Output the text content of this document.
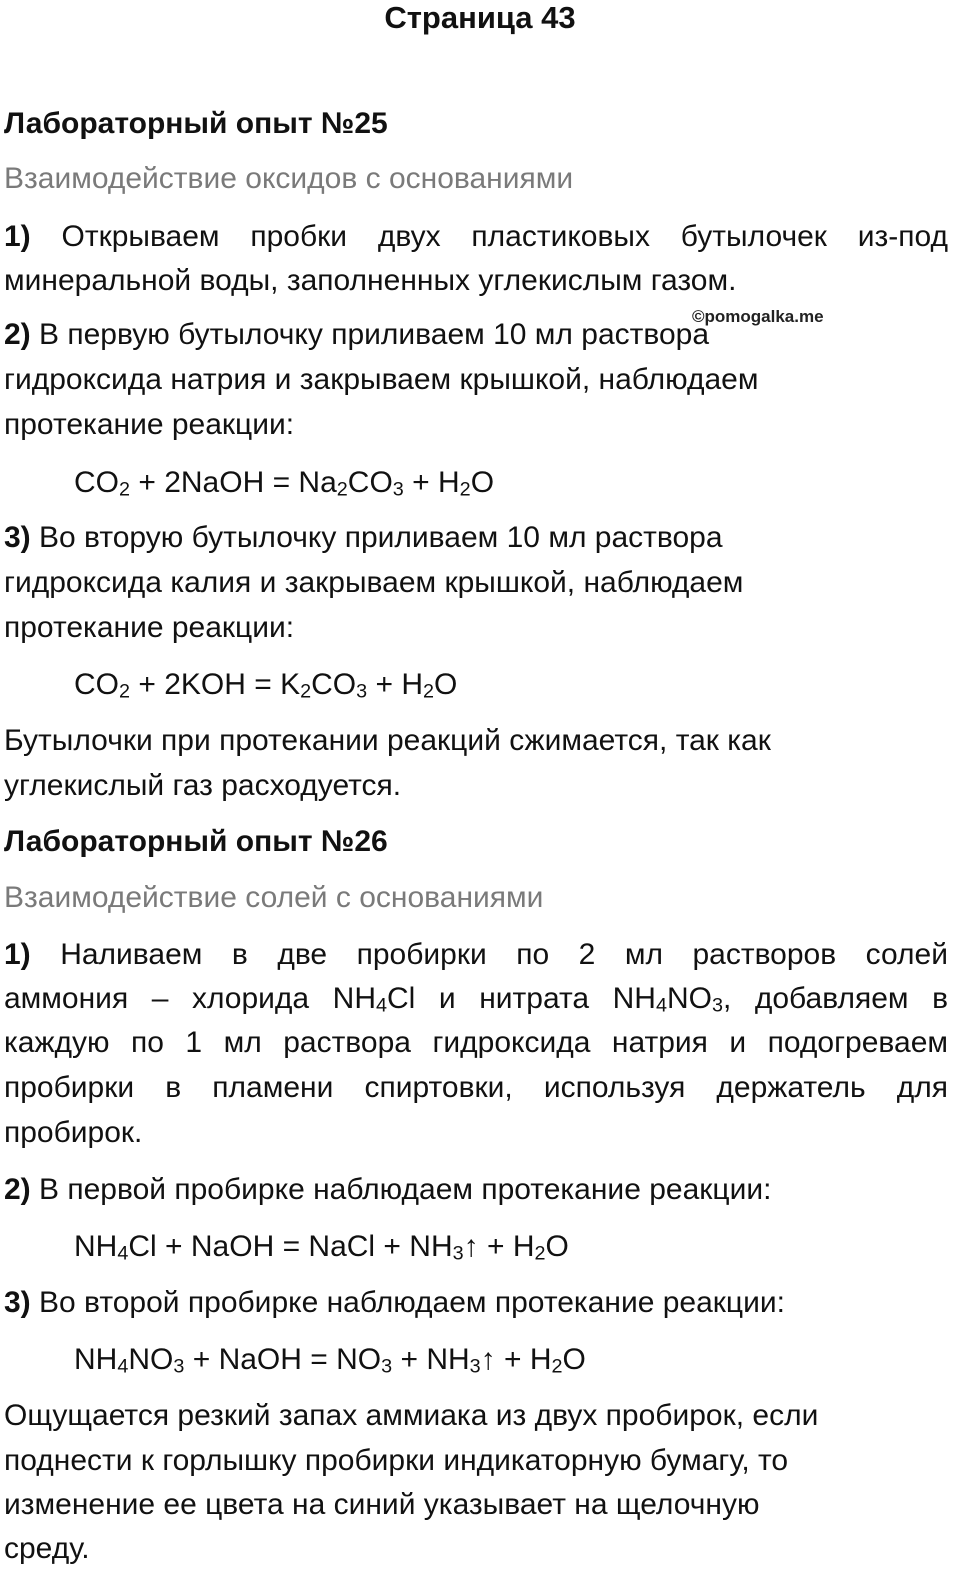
Страница 43
Лабораторный опыт №25
Взаимодействие оксидов с основаниями
1) Открываем пробки двух пластиковых бутылочек из-под
минеральной воды, заполненных углекислым газом.
2) В первую бутылочку приливаем 10 мл раствора
гидроксида натрия и закрываем крышкой, наблюдаем
протекание реакции:
$CO_2$ + 2NaOH = $Na_2CO_3 + H_2O$
3) Во вторую бутылочку приливаем 10 мл раствора
гидроксида калия и закрываем крышкой, наблюдаем
протекание реакции:
$CO_2 + 2KOH = K_2CO_3 + H_2O$
Бутылочки при протекании реакций сжимается, так как
углекислый газ расходуется.
Лабораторный опыт №26
Взаимодействие солей с основаниями
1) Наливаем в две пробирки по 2 мл растворов солей
аммония – хлорида $NH_4Cl$ и нитрата $NH_4NO_3$, добавляем в
каждую по 1 мл раствора гидроксида натрия и подогреваем
пробирки в пламени спиртовки, используя держатель для
пробирок.
2) В первой пробирке наблюдаем протекание реакции:
$NH_4Cl$ + NaOH = NaCl + $NH_3↑ + H_2O$
3) Во второй пробирке наблюдаем протекание реакции:
$NH_4NO_3$ + NaOH = $NO_3$ + $NH_3↑ + H_2O$
Ощущается резкий запах аммиака из двух пробирок, если
поднести к горлышку пробирки индикаторную бумагу, то
изменение ее цвета на синий указывает на щелочную
среду.
©pomogalka.me
